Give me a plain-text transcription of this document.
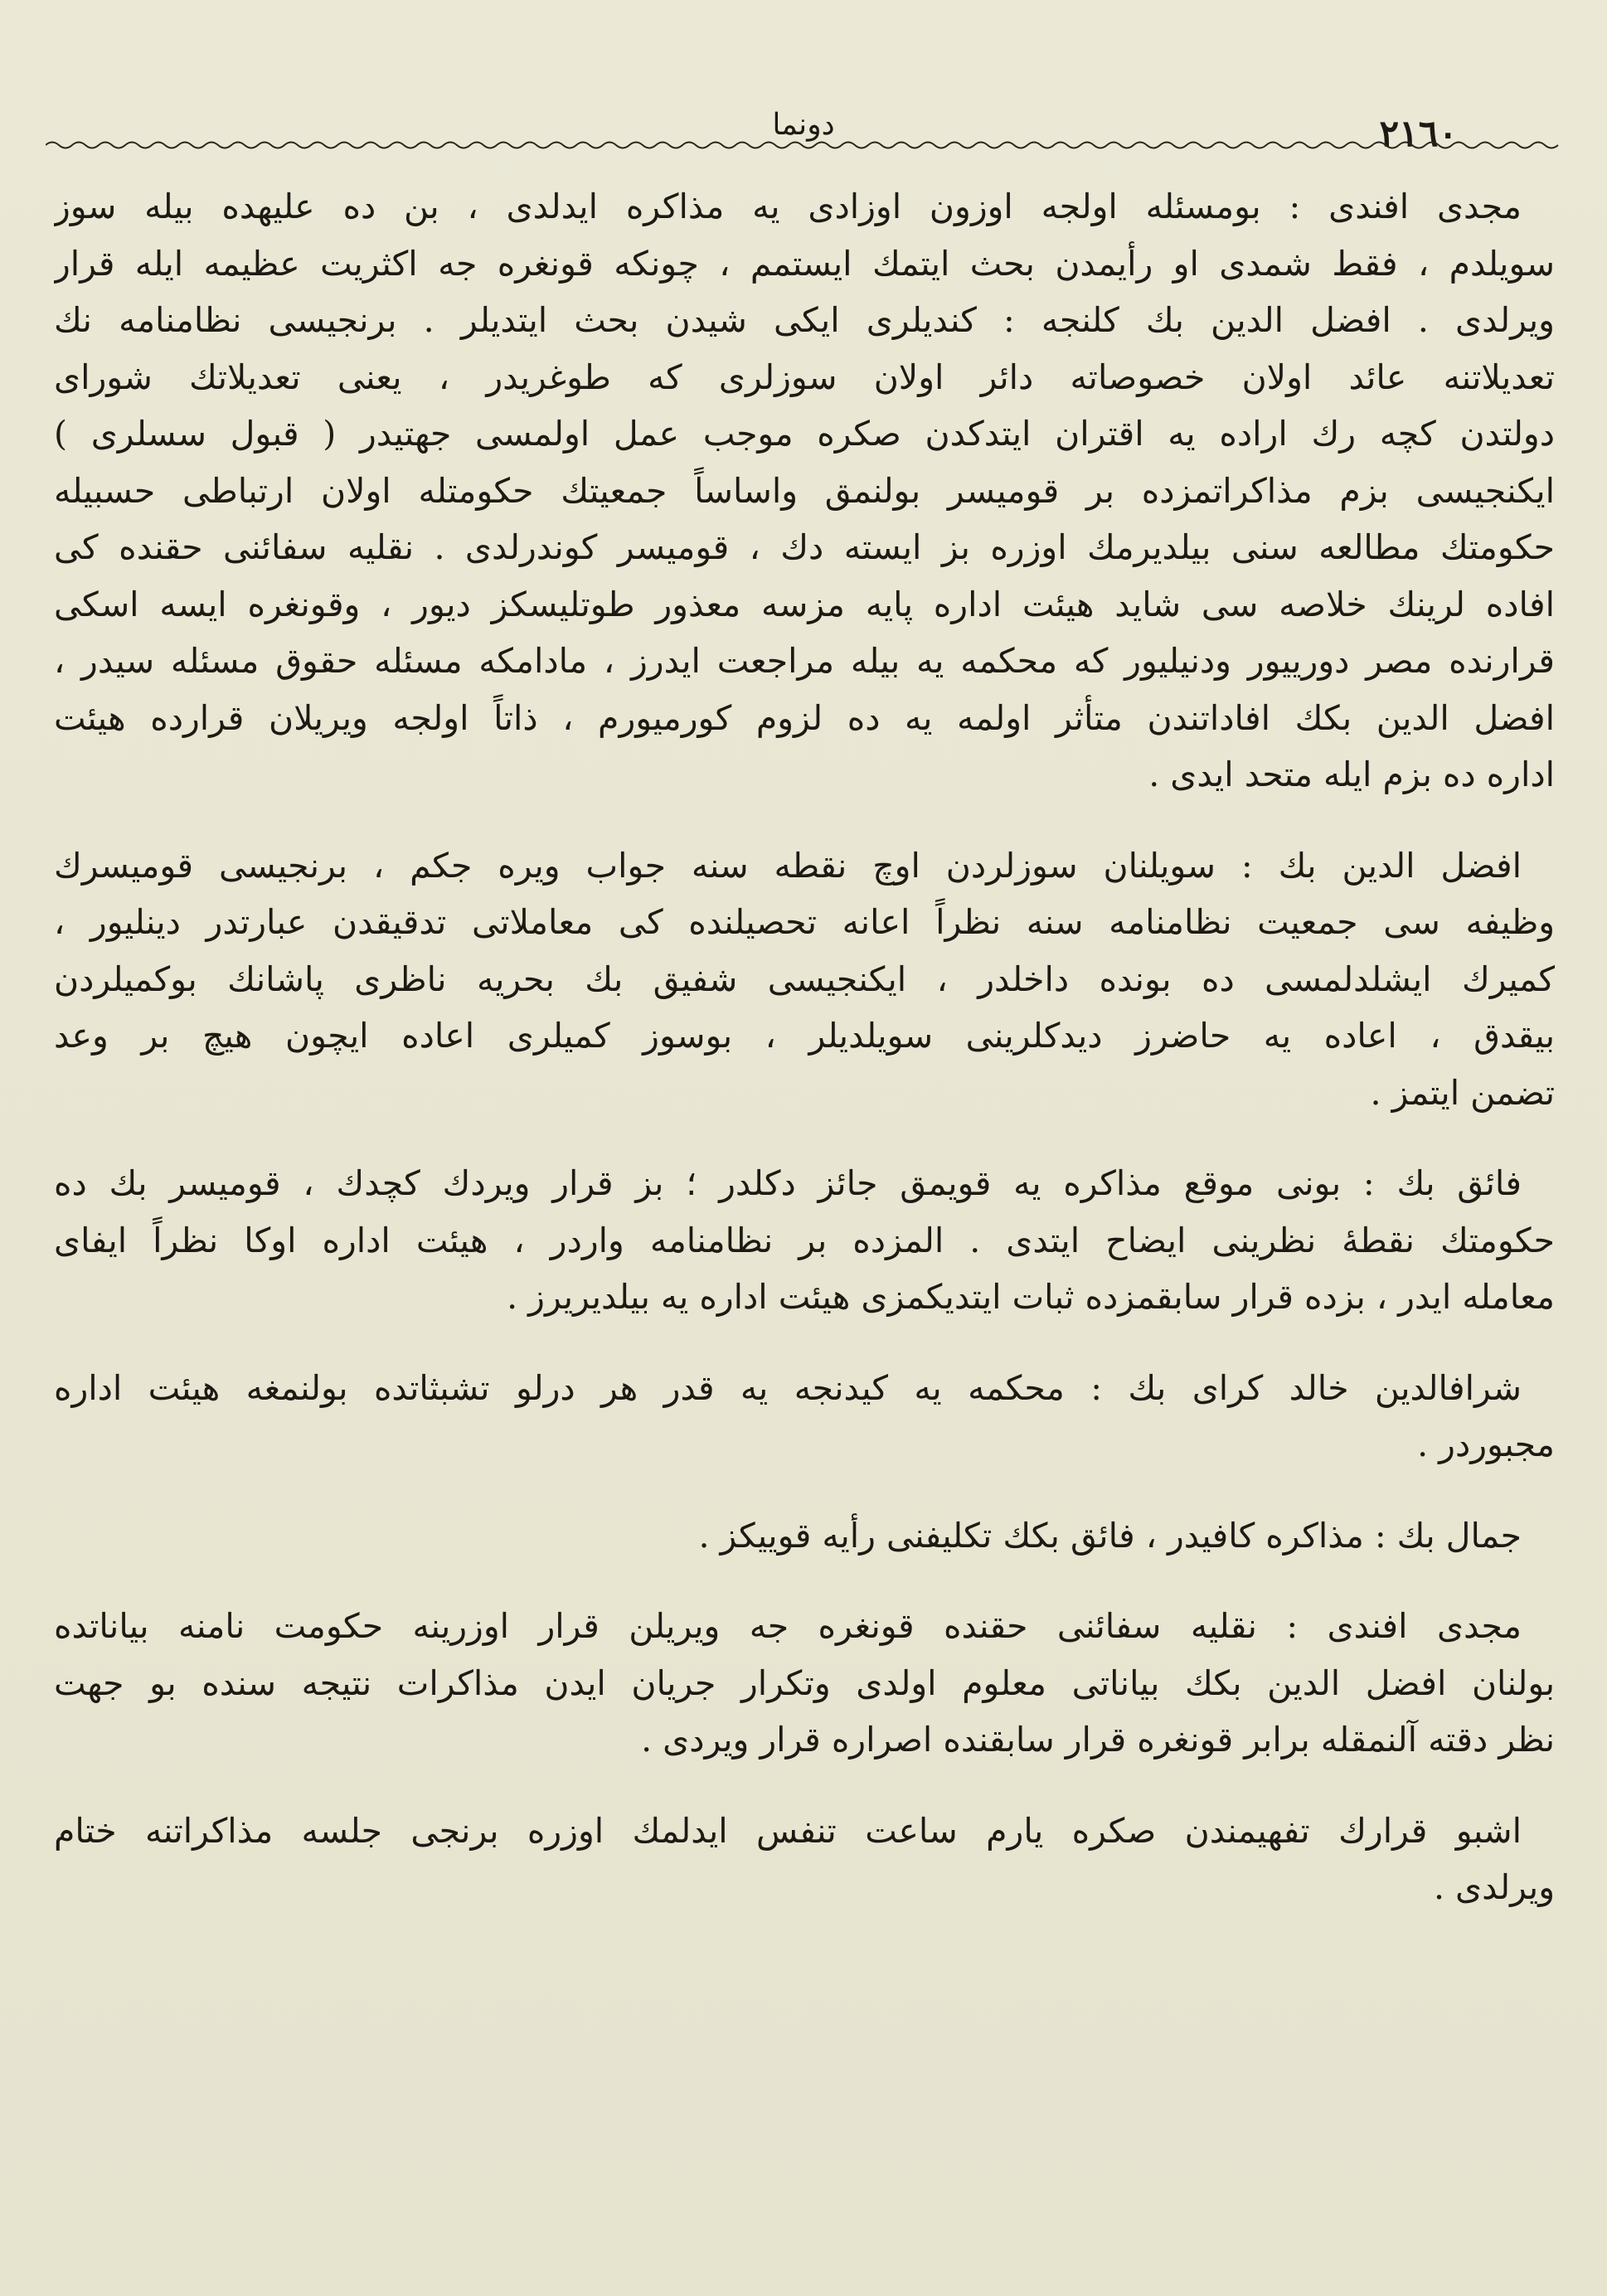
دونما	٢١٦٠
مجدی افندی : بومسئله اولجه اوزون اوزادی یه مذاکره ایدلدی ، بن ده علیهده بیله سوز
سویلدم ، فقط شمدی او رأیمدن بحث ایتمك ایستمم ، چونکه قونغره جه اکثریت عظیمه ایله قرار
ویرلدی . افضل الدین بك کلنجه : کندیلری ایکی شیدن بحث ایتدیلر . برنجیسی نظامنامه نك
تعدیلاتنه عائد اولان خصوصاته دائر اولان سوزلری که طوغریدر ، یعنی تعدیلاتك شورای
دولتدن کچه رك اراده یه اقتران ایتدکدن صکره موجب عمل اولمسی جهتیدر ( قبول سسلری )
ایکنجیسی بزم مذاکراتمزده بر قومیسر بولنمق واساساً جمعیتك حکومتله اولان ارتباطی حسبیله
حکومتك مطالعه سنی بیلدیرمك اوزره بز ایسته دك ، قومیسر کوندرلدی . نقلیه سفائنی حقنده کی
افاده لرینك خلاصه سی شاید هیئت اداره پایه مزسه معذور طوتلیسکز دیور ، وقونغره ایسه اسکی
قرارنده مصر دورییور ودنیلیور که محکمه یه بیله مراجعت ایدرز ، مادامکه مسئله حقوق مسئله سیدر ،
افضل الدین بکك افاداتندن متأثر اولمه یه ده لزوم کورمیورم ، ذاتاً اولجه ویریلان قرارده هیئت
اداره ده بزم ایله متحد ایدی .
افضل الدین بك : سویلنان سوزلردن اوچ نقطه سنه جواب ویره جکم ، برنجیسی قومیسرك
وظیفه سی جمعیت نظامنامه سنه نظراً اعانه تحصیلنده کی معاملاتی تدقیقدن عبارتدر دینلیور ،
کمیرك ایشلدلمسی ده بونده داخلدر ، ایکنجیسی شفیق بك بحریه ناظری پاشانك بوکمیلردن
بیقدق ، اعاده یه حاضرز دیدکلرینی سویلدیلر ، بوسوز کمیلری اعاده ایچون هیچ بر وعد
تضمن ایتمز .
فائق بك : بونی موقع مذاکره یه قویمق جائز دکلدر ؛ بز قرار ویردك کچدك ، قومیسر بك ده
حکومتك نقطهٔ نظرینی ایضاح ایتدی . المزده بر نظامنامه واردر ، هیئت اداره اوکا نظراً ایفای
معامله ایدر ، بزده قرار سابقمزده ثبات ایتدیکمزی هیئت اداره یه بیلدیریرز .
شرافالدین خالد کرای بك : محکمه یه کیدنجه یه قدر هر درلو تشبثاتده بولنمغه هیئت اداره
مجبوردر .
جمال بك : مذاکره کافیدر ، فائق بکك تکلیفنی رأیه قوییکز .
مجدی افندی : نقلیه سفائنی حقنده قونغره جه ویریلن قرار اوزرینه حکومت نامنه بیاناتده
بولنان افضل الدین بکك بیاناتی معلوم اولدی وتکرار جریان ایدن مذاکرات نتیجه سنده بو جهت
نظر دقته آلنمقله برابر قونغره قرار سابقنده اصراره قرار ویردی .
اشبو قرارك تفهیمندن صکره یارم ساعت تنفس ایدلمك اوزره برنجی جلسه مذاکراتنه ختام
ویرلدی .
